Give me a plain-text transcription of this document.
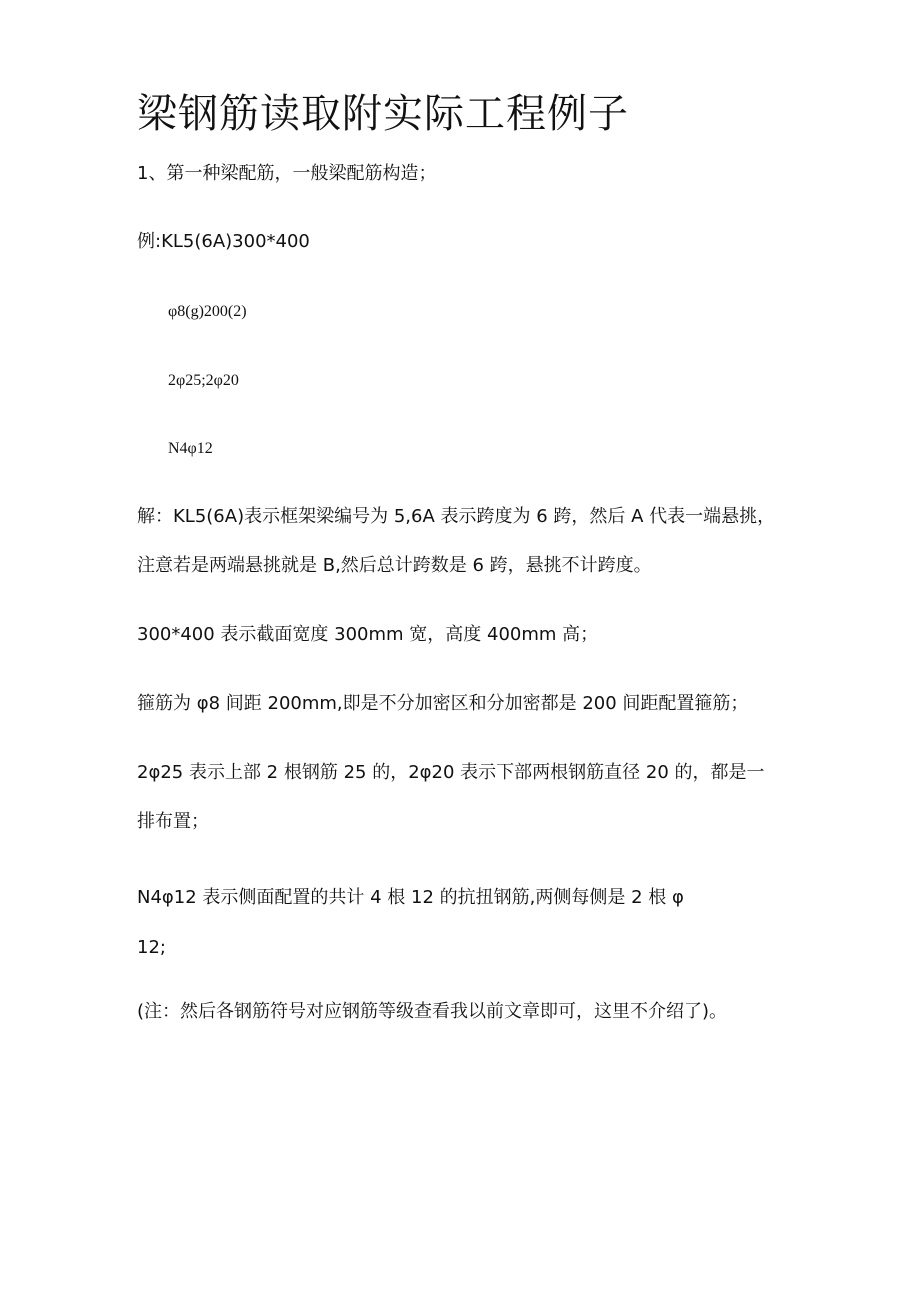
梁钢筋读取附实际工程例子
1、第一种梁配筋，一般梁配筋构造；
例:KL5(6A)300*400
φ8(g)200(2)
2φ25;2φ20
N4φ12
解：KL5(6A)表示框架梁编号为 5,6A 表示跨度为 6 跨，然后 A 代表一端悬挑，
注意若是两端悬挑就是 B,然后总计跨数是 6 跨，悬挑不计跨度。
300*400 表示截面宽度 300mm 宽，高度 400mm 高；
箍筋为 φ8 间距 200mm,即是不分加密区和分加密都是 200 间距配置箍筋；
2φ25 表示上部 2 根钢筋 25 的，2φ20 表示下部两根钢筋直径 20 的，都是一
排布置；
N4φ12 表示侧面配置的共计 4 根 12 的抗扭钢筋,两侧每侧是 2 根 φ
12;
(注：然后各钢筋符号对应钢筋等级查看我以前文章即可，这里不介绍了)。
